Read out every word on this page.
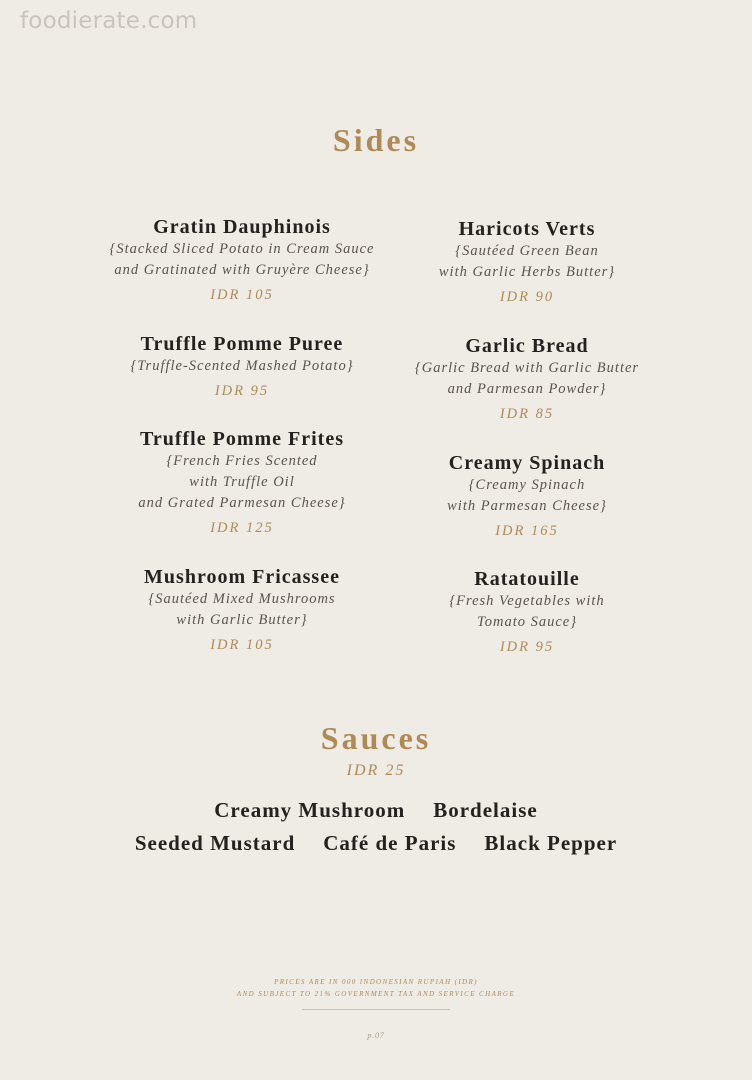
foodierate.com
Sides
Gratin Dauphinois
{Stacked Sliced Potato in Cream Sauce
and Gratinated with Gruyère Cheese}
IDR 105
Truffle Pomme Puree
{Truffle-Scented Mashed Potato}
IDR 95
Truffle Pomme Frites
{French Fries Scented
with Truffle Oil
and Grated Parmesan Cheese}
IDR 125
Mushroom Fricassee
{Sautéed Mixed Mushrooms
with Garlic Butter}
IDR 105
Haricots Verts
{Sautéed Green Bean
with Garlic Herbs Butter}
IDR 90
Garlic Bread
{Garlic Bread with Garlic Butter
and Parmesan Powder}
IDR 85
Creamy Spinach
{Creamy Spinach
with Parmesan Cheese}
IDR 165
Ratatouille
{Fresh Vegetables with
Tomato Sauce}
IDR 95
Sauces
IDR 25
Creamy Mushroom Bordelaise
Seeded Mustard Café de Paris Black Pepper
PRICES ARE IN 000 INDONESIAN RUPIAH (IDR)
AND SUBJECT TO 21% GOVERNMENT TAX AND SERVICE CHARGE
p.07
